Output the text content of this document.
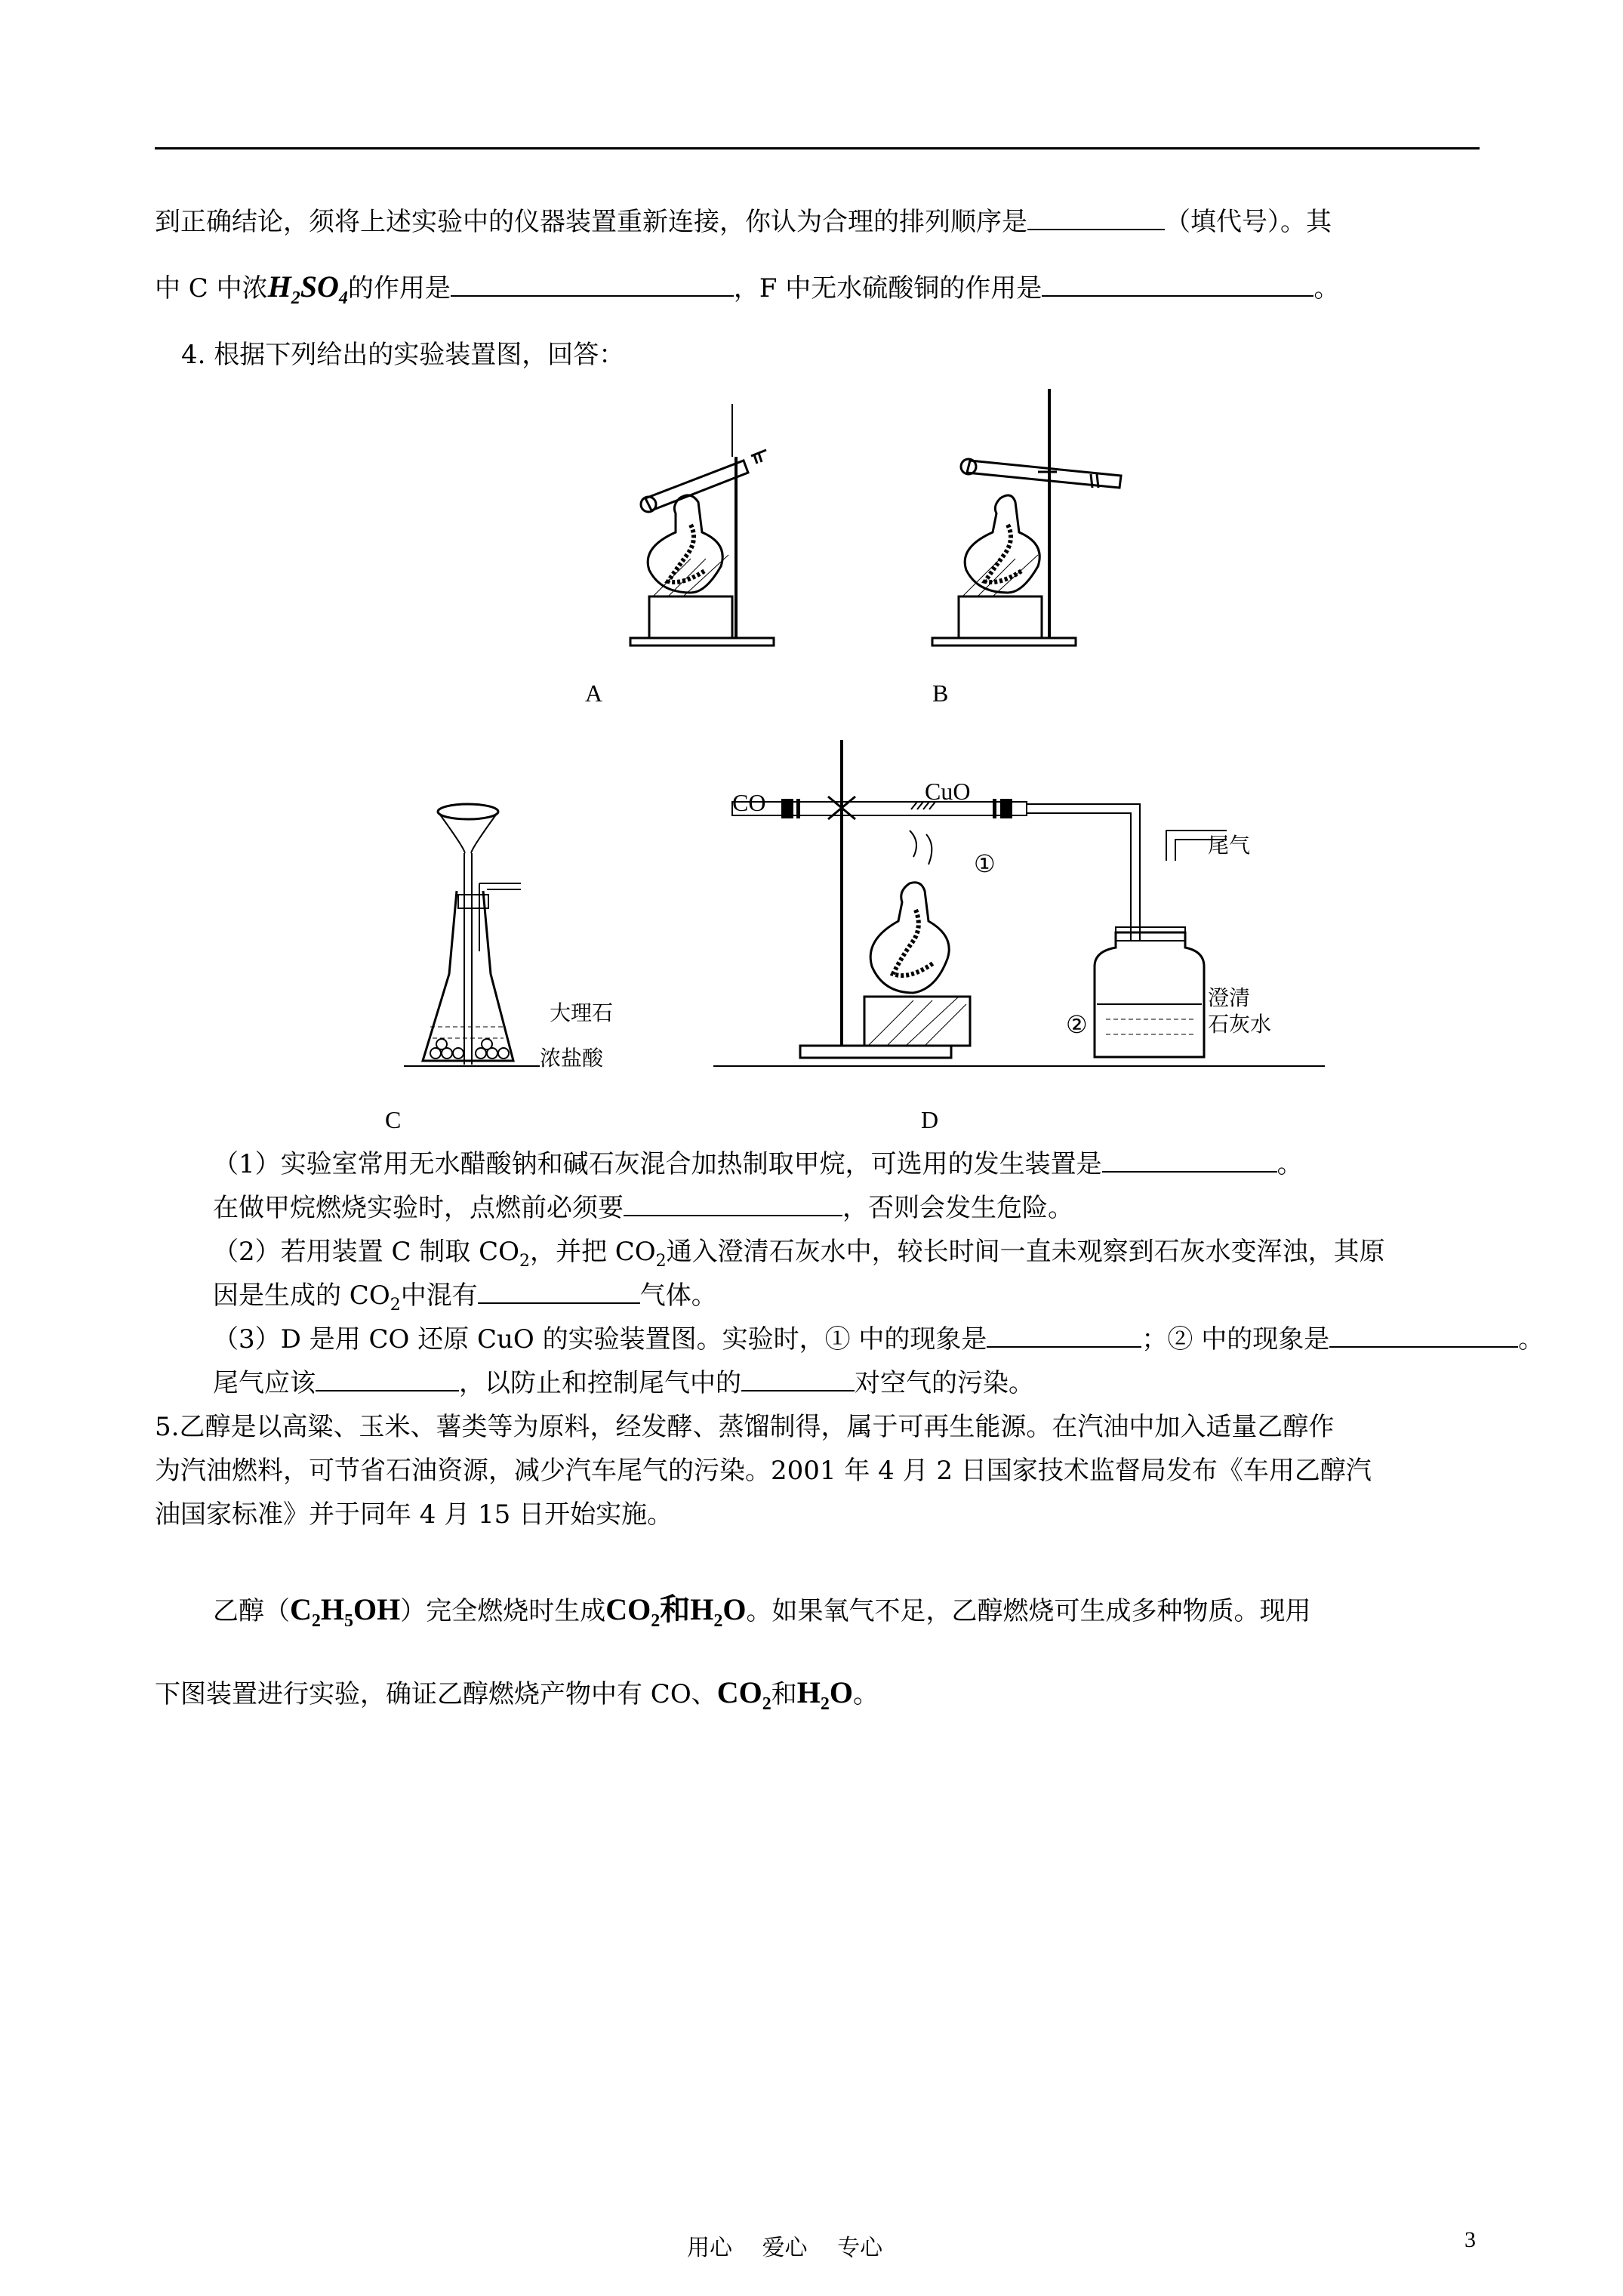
到正确结论，须将上述实验中的仪器装置重新连接，你认为合理的排列顺序是	（填代号）。其
中 C 中浓$H_2SO_4$的作用是	，F 中无水硫酸铜的作用是	。
4. 根据下列给出的实验装置图，回答：
A	B
大理石
浓盐酸
C
CO	CuO
尾气
①
②
澄清
石灰水
D
（1）实验室常用无水醋酸钠和碱石灰混合加热制取甲烷，可选用的发生装置是	。
在做甲烷燃烧实验时，点燃前必须要	，否则会发生危险。
（2）若用装置 C 制取 $CO_2$，并把 $CO_2$通入澄清石灰水中，较长时间一直未观察到石灰水变浑浊，其原
因是生成的 $CO_2$中混有	气体。
（3）D 是用 CO 还原 CuO 的实验装置图。实验时，① 中的现象是	；② 中的现象是	。
尾气应该	，以防止和控制尾气中的	对空气的污染。
5.乙醇是以高粱、玉米、薯类等为原料，经发酵、蒸馏制得，属于可再生能源。在汽油中加入适量乙醇作
为汽油燃料，可节省石油资源，减少汽车尾气的污染。2001 年 4 月 2 日国家技术监督局发布《车用乙醇汽
油国家标准》并于同年 4 月 15 日开始实施。
乙醇$(C_2H_5OH)$完全燃烧时生成$CO_2$和$H_2O$。如果氧气不足，乙醇燃烧可生成多种物质。现用
下图装置进行实验，确证乙醇燃烧产物中有 CO、$CO_2$和$H_2O$。
用心 爱心 专心	3
